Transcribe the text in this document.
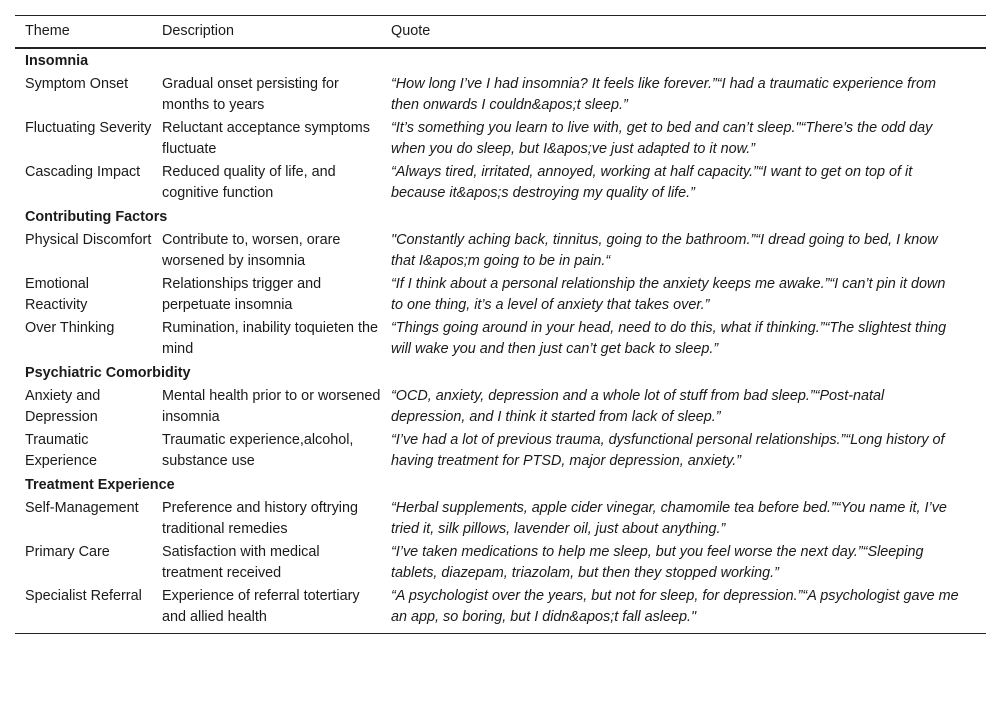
Theme	Description	Quote
Insomnia		
Symptom Onset	Gradual onset persisting for months to years	“How long I’ve I had insomnia? It feels like forever.”“I had a traumatic experience from then onwards I couldn&apos;t sleep.”
Fluctuating Severity	Reluctant acceptance symptoms fluctuate	“It’s something you learn to live with, get to bed and can’t sleep."“There’s the odd day when you do sleep, but I&apos;ve just adapted to it now.”
Cascading Impact	Reduced quality of life, and cognitive function	“Always tired, irritated, annoyed, working at half capacity.”“I want to get on top of it because it&apos;s destroying my quality of life.”
Contributing Factors		
Physical Discomfort	Contribute to, worsen, orare worsened by insomnia	"Constantly aching back, tinnitus, going to the bathroom.”“I dread going to bed, I know that I&apos;m going to be in pain.“
Emotional Reactivity	Relationships trigger and perpetuate insomnia	“If I think about a personal relationship the anxiety keeps me awake.”“I can’t pin it down to one thing, it’s a level of anxiety that takes over.”
Over Thinking	Rumination, inability toquieten the mind	“Things going around in your head, need to do this, what if thinking.”“The slightest thing will wake you and then just can’t get back to sleep.”
Psychiatric Comorbidity		
Anxiety and Depression	Mental health prior to or worsened insomnia	“OCD, anxiety, depression and a whole lot of stuff from bad sleep.”“Post-natal depression, and I think it started from lack of sleep.”
Traumatic Experience	Traumatic experience,alcohol, substance use	“I’ve had a lot of previous trauma, dysfunctional personal relationships.”“Long history of having treatment for PTSD, major depression, anxiety.”
Treatment Experience		
Self-Management	Preference and history oftrying traditional remedies	“Herbal supplements, apple cider vinegar, chamomile tea before bed.”“You name it, I’ve tried it, silk pillows, lavender oil, just about anything.”
Primary Care	Satisfaction with medical treatment received	“I’ve taken medications to help me sleep, but you feel worse the next day.”“Sleeping tablets, diazepam, triazolam, but then they stopped working.”
Specialist Referral	Experience of referral totertiary and allied health	“A psychologist over the years, but not for sleep, for depression.”“A psychologist gave me an app, so boring, but I didn&apos;t fall asleep."
